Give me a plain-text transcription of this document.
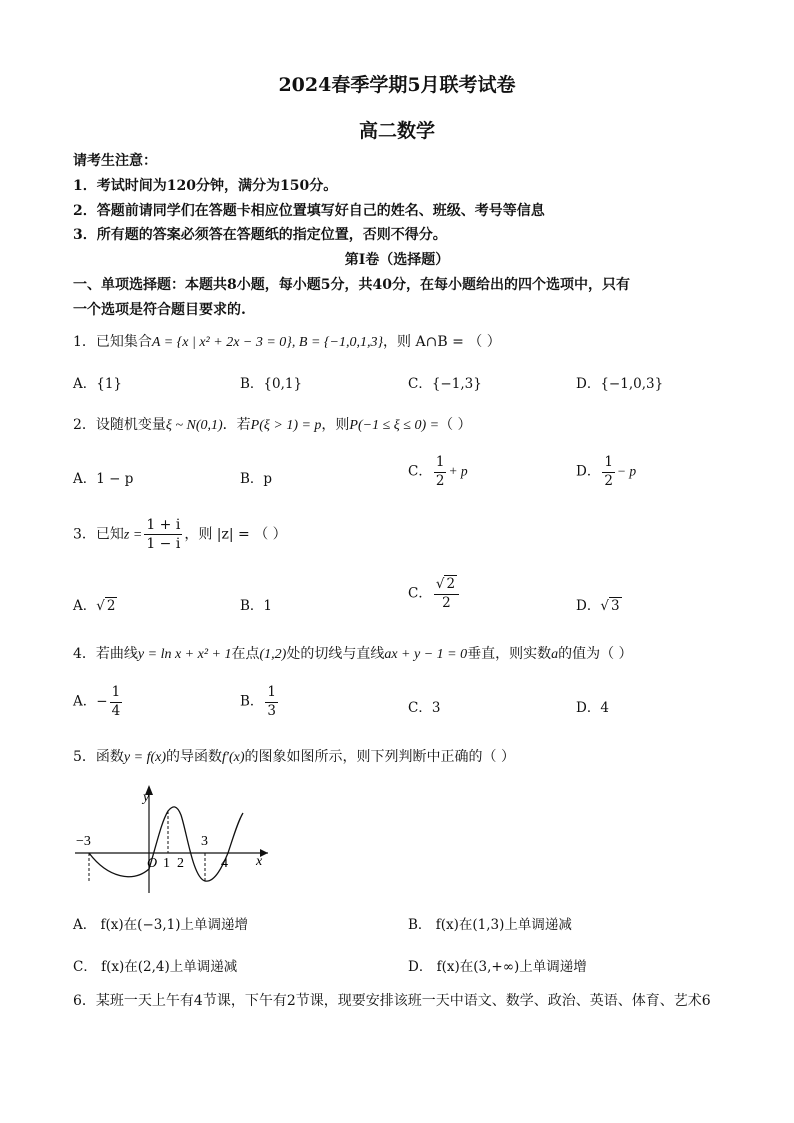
2024春季学期5月联考试卷
高二数学
请考生注意：
1．考试时间为120分钟，满分为150分。
2．答题前请同学们在答题卡相应位置填写好自己的姓名、班级、考号等信息
3．所有题的答案必须答在答题纸的指定位置，否则不得分。
第Ⅰ卷（选择题）
一、单项选择题：本题共8小题，每小题5分，共40分，在每小题给出的四个选项中，只有
一个选项是符合题目要求的.
1．已知集合A = {x | x² + 2x − 3 = 0}, B = {−1,0,1,3}，则 A∩B = （ ）
A．{1}	B．{0,1}	C．{−1,3}	D．{−1,0,3}
2．设随机变量ξ ~ N(0,1)．若P(ξ > 1) = p，则P(−1 ≤ ξ ≤ 0) =（ ）
A．1 − p	B．p	C． $\frac{1}{2} + p$	D． $\frac{1}{2} - p$
3．已知$z = \frac{1 + i}{1 - i}$ ，则 |z| = （ ）
A．√ 2	B．1
C． $\frac{√ 2}{2}$	D．√ 3
4．若曲线y = ln x + x² + 1在点(1,2)处的切线与直线ax + y − 1 = 0垂直，则实数a的值为（ ）
A．− $\frac{1}{4}$	B． $\frac{1}{3}$	C．3	D．4
5．函数y = f(x)的导函数f′(x)的图象如图所示，则下列判断中正确的（ ）
y
x
−3
O 1 2
3
4
A． f(x)在(−3,1)上单调递增	B． f(x)在(1,3)上单调递减
C． f(x)在(2,4)上单调递减	D． f(x)在(3,+∞)上单调递增
6．某班一天上午有4节课，下午有2节课，现要安排该班一天中语文、数学、政治、英语、体育、艺术6
